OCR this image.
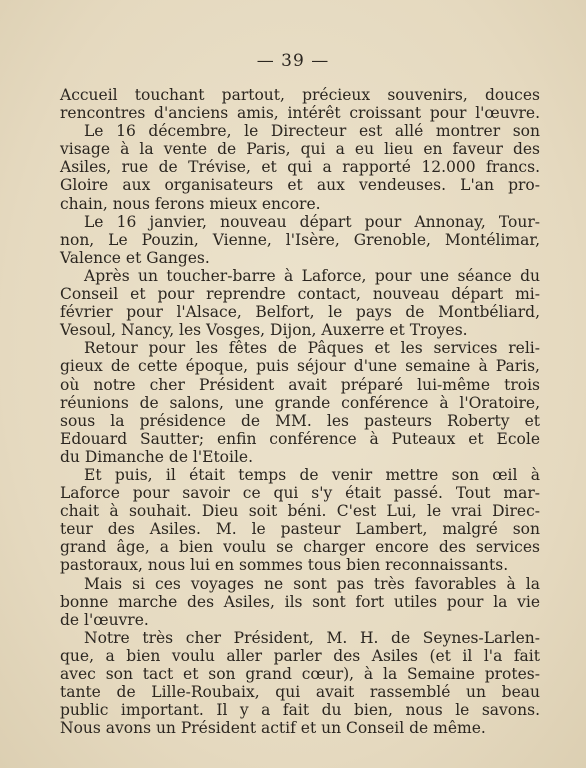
— 39 —
Accueil touchant partout, précieux souvenirs, douces
rencontres d'anciens amis, intérêt croissant pour l'œuvre.
Le 16 décembre, le Directeur est allé montrer son
visage à la vente de Paris, qui a eu lieu en faveur des
Asiles, rue de Trévise, et qui a rapporté 12.000 francs.
Gloire aux organisateurs et aux vendeuses. L'an pro-
chain, nous ferons mieux encore.
Le 16 janvier, nouveau départ pour Annonay, Tour-
non, Le Pouzin, Vienne, l'Isère, Grenoble, Montélimar,
Valence et Ganges.
Après un toucher-barre à Laforce, pour une séance du
Conseil et pour reprendre contact, nouveau départ mi-
février pour l'Alsace, Belfort, le pays de Montbéliard,
Vesoul, Nancy, les Vosges, Dijon, Auxerre et Troyes.
Retour pour les fêtes de Pâques et les services reli-
gieux de cette époque, puis séjour d'une semaine à Paris,
où notre cher Président avait préparé lui-même trois
réunions de salons, une grande conférence à l'Oratoire,
sous la présidence de MM. les pasteurs Roberty et
Edouard Sautter; enfin conférence à Puteaux et Ecole
du Dimanche de l'Etoile.
Et puis, il était temps de venir mettre son œil à
Laforce pour savoir ce qui s'y était passé. Tout mar-
chait à souhait. Dieu soit béni. C'est Lui, le vrai Direc-
teur des Asiles. M. le pasteur Lambert, malgré son
grand âge, a bien voulu se charger encore des services
pastoraux, nous lui en sommes tous bien reconnaissants.
Mais si ces voyages ne sont pas très favorables à la
bonne marche des Asiles, ils sont fort utiles pour la vie
de l'œuvre.
Notre très cher Président, M. H. de Seynes-Larlen-
que, a bien voulu aller parler des Asiles (et il l'a fait
avec son tact et son grand cœur), à la Semaine protes-
tante de Lille-Roubaix, qui avait rassemblé un beau
public important. Il y a fait du bien, nous le savons.
Nous avons un Président actif et un Conseil de même.
